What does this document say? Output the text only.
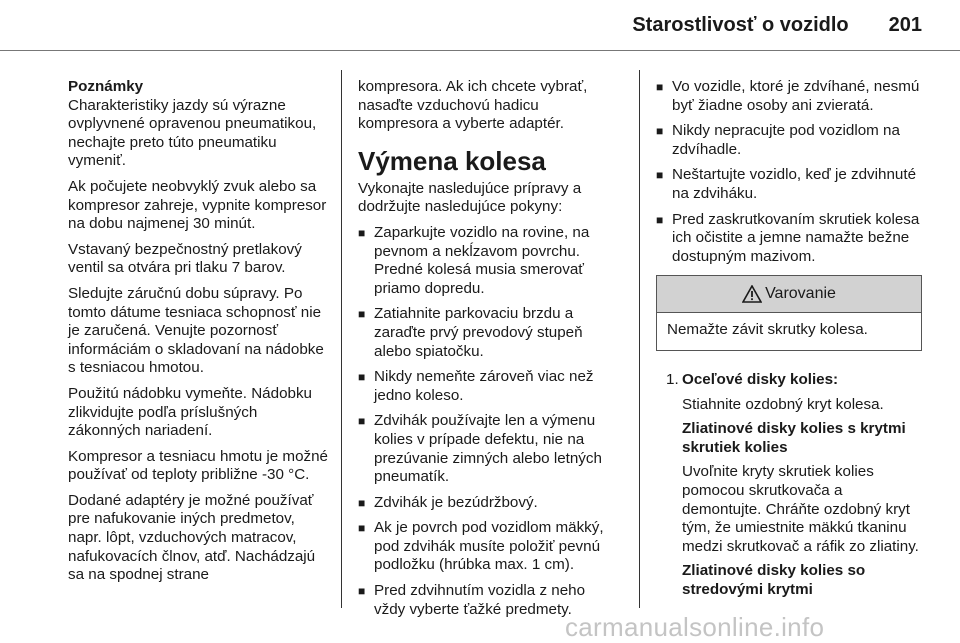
Starostlivosť o vozidlo 201
Poznámky

Charakteristiky jazdy sú výrazne ovplyvnené opravenou pneumatikou, nechajte preto túto pneumatiku vymeniť.

Ak počujete neobvyklý zvuk alebo sa kompresor zahreje, vypnite kompresor na dobu najmenej 30 minút.

Vstavaný bezpečnostný pretlakový ventil sa otvára pri tlaku 7 barov.

Sledujte záručnú dobu súpravy. Po tomto dátume tesniaca schopnosť nie je zaručená. Venujte pozornosť informáciám o skladovaní na nádobke s tesniacou hmotou.

Použitú nádobku vymeňte. Nádobku zlikvidujte podľa príslušných zákonných nariadení.

Kompresor a tesniacu hmotu je možné používať od teploty približne -30 °C.

Dodané adaptéry je možné používať pre nafukovanie iných predmetov, napr. lôpt, vzduchových matracov, nafukovacích člnov, atď. Nachádzajú sa na spodnej strane

kompresora. Ak ich chcete vybrať, nasaďte vzduchovú hadicu kompresora a vyberte adaptér.

Výmena kolesa

Vykonajte nasledujúce prípravy a dodržujte nasledujúce pokyny:

■ Zaparkujte vozidlo na rovine, na pevnom a nekĺzavom povrchu. Predné kolesá musia smerovať priamo dopredu.
■ Zatiahnite parkovaciu brzdu a zaraďte prvý prevodový stupeň alebo spiatočku.
■ Nikdy nemeňte zároveň viac než jedno koleso.
■ Zdvihák používajte len a výmenu kolies v prípade defektu, nie na prezúvanie zimných alebo letných pneumatík.
■ Zdvihák je bezúdržbový.
■ Ak je povrch pod vozidlom mäkký, pod zdvihák musíte položiť pevnú podložku (hrúbka max. 1 cm).
■ Pred zdvihnutím vozidla z neho vždy vyberte ťažké predmety.
■ Vo vozidle, ktoré je zdvíhané, nesmú byť žiadne osoby ani zvieratá.
■ Nikdy nepracujte pod vozidlom na zdvíhadle.
■ Neštartujte vozidlo, keď je zdvihnuté na zdviháku.
■ Pred zaskrutkovaním skrutiek kolesa ich očistite a jemne namažte bežne dostupným mazivom.
Varovanie
Nemažte závit skrutky kolesa.
1. Oceľové disky kolies:

Stiahnite ozdobný kryt kolesa.

Zliatinové disky kolies s krytmi skrutiek kolies

Uvoľnite kryty skrutiek kolies pomocou skrutkovača a demontujte. Chráňte ozdobný kryt tým, že umiestnite mäkkú tkaninu medzi skrutkovač a ráfik zo zliatiny.

Zliatinové disky kolies so stredovými krytmi

carmanualsonline.info
